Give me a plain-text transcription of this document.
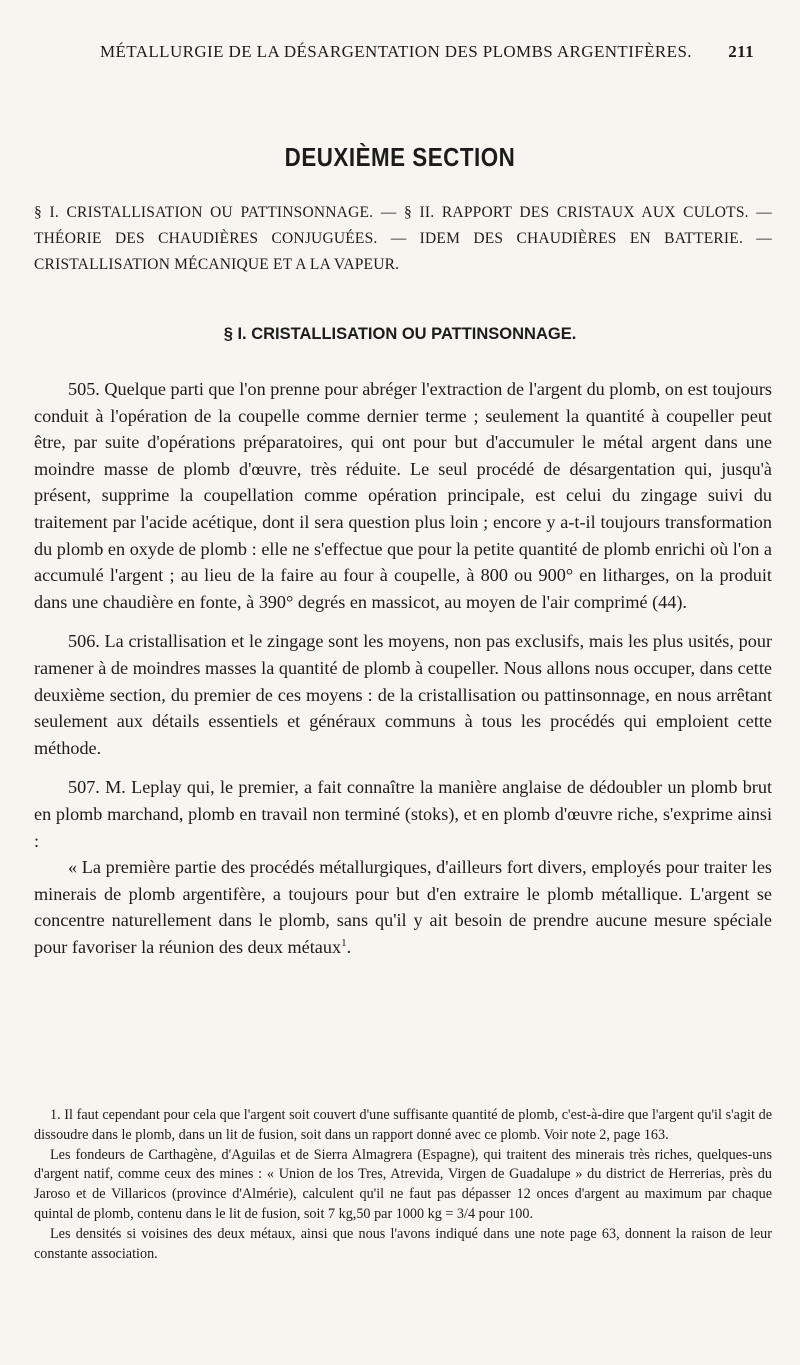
MÉTALLURGIE DE LA DÉSARGENTATION DES PLOMBS ARGENTIFÈRES. 211
DEUXIÈME SECTION
§ I. CRISTALLISATION OU PATTINSONNAGE. — § II. RAPPORT DES CRISTAUX AUX CULOTS. — THÉORIE DES CHAUDIÈRES CONJUGUÉES. — IDEM DES CHAUDIÈRES EN BATTERIE. — CRISTALLISATION MÉCANIQUE ET A LA VAPEUR.
§ I. CRISTALLISATION OU PATTINSONNAGE.

505. Quelque parti que l'on prenne pour abréger l'extraction de l'argent du plomb, on est toujours conduit à l'opération de la coupelle comme dernier terme ; seulement la quantité à coupeller peut être, par suite d'opérations préparatoires, qui ont pour but d'accumuler le métal argent dans une moindre masse de plomb d'œuvre, très réduite. Le seul procédé de désargentation qui, jusqu'à présent, supprime la coupellation comme opération principale, est celui du zingage suivi du traitement par l'acide acétique, dont il sera question plus loin ; encore y a-t-il toujours transformation du plomb en oxyde de plomb : elle ne s'effectue que pour la petite quantité de plomb enrichi où l'on a accumulé l'argent ; au lieu de la faire au four à coupelle, à 800 ou 900° en litharges, on la produit dans une chaudière en fonte, à 390° degrés en massicot, au moyen de l'air comprimé (44).

506. La cristallisation et le zingage sont les moyens, non pas exclusifs, mais les plus usités, pour ramener à de moindres masses la quantité de plomb à coupeller. Nous allons nous occuper, dans cette deuxième section, du premier de ces moyens : de la cristallisation ou pattinsonnage, en nous arrêtant seulement aux détails essentiels et généraux communs à tous les procédés qui emploient cette méthode.

507. M. Leplay qui, le premier, a fait connaître la manière anglaise de dédoubler un plomb brut en plomb marchand, plomb en travail non terminé (stoks), et en plomb d'œuvre riche, s'exprime ainsi :

« La première partie des procédés métallurgiques, d'ailleurs fort divers, employés pour traiter les minerais de plomb argentifère, a toujours pour but d'en extraire le plomb métallique. L'argent se concentre naturellement dans le plomb, sans qu'il y ait besoin de prendre aucune mesure spéciale pour favoriser la réunion des deux métaux$^1$.

1. Il faut cependant pour cela que l'argent soit couvert d'une suffisante quantité de plomb, c'est-à-dire que l'argent qu'il s'agit de dissoudre dans le plomb, dans un lit de fusion, soit dans un rapport donné avec ce plomb. Voir note 2, page 163.

Les fondeurs de Carthagène, d'Aguilas et de Sierra Almagrera (Espagne), qui traitent des minerais très riches, quelques-uns d'argent natif, comme ceux des mines : « Union de los Tres, Atrevida, Virgen de Guadalupe » du district de Herrerias, près du Jaroso et de Villaricos (province d'Almérie), calculent qu'il ne faut pas dépasser 12 onces d'argent au maximum par chaque quintal de plomb, contenu dans le lit de fusion, soit 7 kg,50 par 1000 kg = 3/4 pour 100.

Les densités si voisines des deux métaux, ainsi que nous l'avons indiqué dans une note page 63, donnent la raison de leur constante association.
